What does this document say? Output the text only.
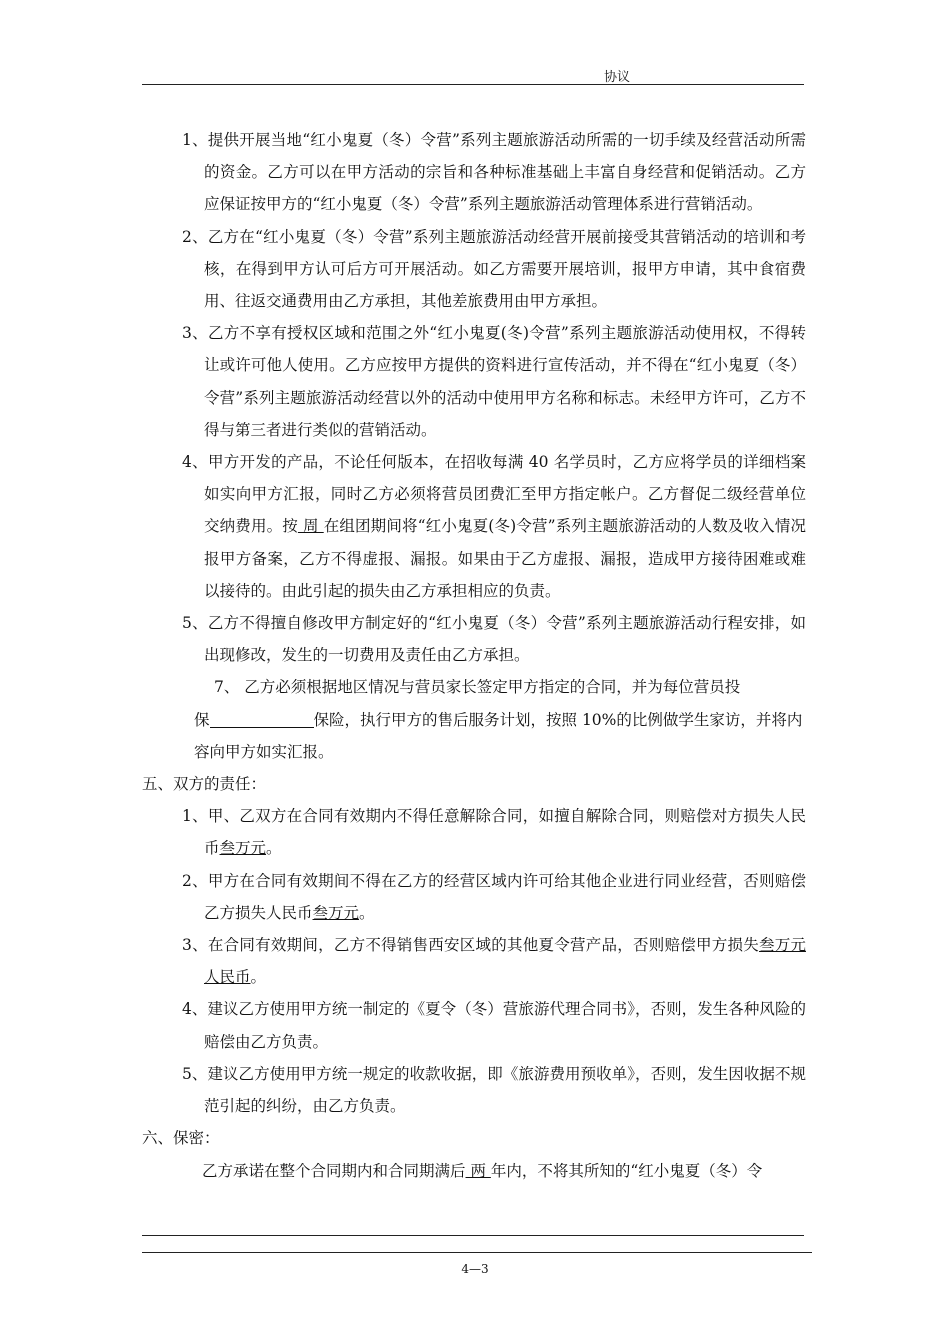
协议

1、提供开展当地“红小鬼夏（冬）令营”系列主题旅游活动所需的一切手续及经营活动所需的资金。乙方可以在甲方活动的宗旨和各种标准基础上丰富自身经营和促销活动。乙方应保证按甲方的“红小鬼夏（冬）令营”系列主题旅游活动管理体系进行营销活动。

2、乙方在“红小鬼夏（冬）令营”系列主题旅游活动经营开展前接受其营销活动的培训和考核，在得到甲方认可后方可开展活动。如乙方需要开展培训，报甲方申请，其中食宿费用、往返交通费用由乙方承担，其他差旅费用由甲方承担。

3、乙方不享有授权区域和范围之外“红小鬼夏(冬)令营”系列主题旅游活动使用权，不得转让或许可他人使用。乙方应按甲方提供的资料进行宣传活动，并不得在“红小鬼夏（冬）令营”系列主题旅游活动经营以外的活动中使用甲方名称和标志。未经甲方许可，乙方不得与第三者进行类似的营销活动。

4、甲方开发的产品，不论任何版本，在招收每满 40 名学员时，乙方应将学员的详细档案如实向甲方汇报，同时乙方必须将营员团费汇至甲方指定帐户。乙方督促二级经营单位交纳费用。按 周 在组团期间将“红小鬼夏(冬)令营”系列主题旅游活动的人数及收入情况报甲方备案，乙方不得虚报、漏报。如果由于乙方虚报、漏报，造成甲方接待困难或难以接待的。由此引起的损失由乙方承担相应的负责。

5、乙方不得擅自修改甲方制定好的“红小鬼夏（冬）令营”系列主题旅游活动行程安排，如出现修改，发生的一切费用及责任由乙方承担。

7、 乙方必须根据地区情况与营员家长签定甲方指定的合同，并为每位营员投
保	保险，执行甲方的售后服务计划，按照 10%的比例做学生家访，并将内容向甲方如实汇报。

五、双方的责任：

1、甲、乙双方在合同有效期内不得任意解除合同，如擅自解除合同，则赔偿对方损失人民币叁万元。

2、甲方在合同有效期间不得在乙方的经营区域内许可给其他企业进行同业经营，否则赔偿乙方损失人民币叁万元。

3、在合同有效期间，乙方不得销售西安区域的其他夏令营产品，否则赔偿甲方损失叁万元人民币。

4、建议乙方使用甲方统一制定的《夏令（冬）营旅游代理合同书》，否则，发生各种风险的赔偿由乙方负责。

5、建议乙方使用甲方统一规定的收款收据，即《旅游费用预收单》，否则，发生因收据不规范引起的纠纷，由乙方负责。

六、保密：

乙方承诺在整个合同期内和合同期满后 两 年内，不将其所知的“红小鬼夏（冬）令

4—3
